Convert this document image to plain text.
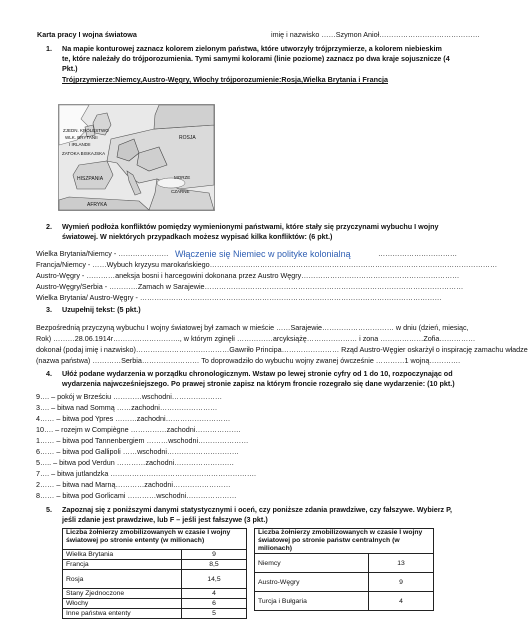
Karta pracy I wojna światowa	imię i nazwisko ……Szymon Anioł……………………………………
1. Na mapie konturowej zaznacz kolorem zielonym państwa, które utworzyły trójprzymierze, a kolorem niebieskim
te, które należały do trójporozumienia. Tymi samymi kolorami (linie poziome) zaznacz po dwa kraje sojusznicze (4
Pkt.)
Trójprzymierze:Niemcy,Austro-Węgry, Włochy trójporozumienie:Rosja,Wielka Brytania i Francja
ZATOKA BISKAJSKA
ZJEDN. KRÓLESTWO
WLK. BRYTANII
I IRLANDII
ROSJA
MORZE
HISZPANIA
CZARNE
AFRYKA
2. Wymień podłoża konfliktów pomiędzy wymienionymi państwami, które stały się przyczynami wybuchu I wojny
światowej. W niektórych przypadkach możesz wypisać kilka konfliktów: (6 pkt.)
Wielka Brytania/Niemcy - ………………… Włączenie się Niemiec w polityke kolonialną	……………………………
Francja/Niemcy - ……Wybuch kryzysu marokańskiego…………………………………………………………………………………………………………
Austro-Węgry - …………aneksja bosni i harcegowini dokonana przez Austro Węgry…………………………………………………………
Austro-Węgry/Serbia - …………Zamach w Sarajewie………………………………………………………………………………………………
Wielka Brytania/ Austro-Węgry - ………………………………………………………………………………………………………………
3. Uzupełnij tekst: (5 pkt.)
Bezpośrednią przyczyną wybuchu I wojny światowej był zamach w mieście ……Sarajewie………………………… w dniu (dzień, miesiąc,
Rok) ………28.06.1914r………………………., w którym zginęli ……………arcyksiążę………………… i zona ………………Zofia……………
dokonał (podaj imię i nazwisko)…………………………………Gawriło Principa…………………… Rząd Austro-Węgier oskarżył o inspirację zamachu władze
(nazwa państwa) …………Serbia…………………… To doprowadziło do wybuchu wojny zwanej ówcześnie …………1 wojną………….
4. Ułóż podane wydarzenia w porządku chronologicznym. Wstaw po lewej stronie cyfry od 1 do 10, rozpoczynając od
wydarzenia najwcześniejszego. Po prawej stronie zapisz na którym froncie rozegrało się dane wydarzenie: (10 pkt.)
9…. – pokój w Brześciu …………wschodni…………………
3…. – bitwa nad Sommą ……zachodni……………………
4…… – bitwa pod Ypres ………zachodni………………………
10…. – rozejm w Compiègne ……………zachodni……………….
1…… – bitwa pod Tannenbergiem ………wschodni…………………
6…… – bitwa pod Gallipoli ……wschodni…………………………
5….. – bitwa pod Verdun …………zachodni…………………….
7…. – bitwa jutlandzka …………………………………………………….
2…… – bitwa nad Marną…………zachodni……………………
8…… – bitwa pod Gorlicami …………wschodni…………………
5. Zapoznaj się z poniższymi danymi statystycznymi i oceń, czy poniższe zdania prawdziwe, czy fałszywe. Wybierz P,
jeśli zdanie jest prawdziwe, lub F – jeśli jest fałszywe (3 pkt.)
Liczba żołnierzy zmobilizowanych w czasie I wojny światowej po stronie ententy (w milionach)	
Wielka Brytania	9
Francja	8,5
Rosja	14,5
Stany Zjednoczone	4
Włochy	6
Inne państwa ententy	5
Liczba żołnierzy zmobilizowanych w czasie I wojny światowej po stronie państw centralnych (w milionach)	
Niemcy	13
Austro-Węgry	9
Turcja i Bułgaria	4
